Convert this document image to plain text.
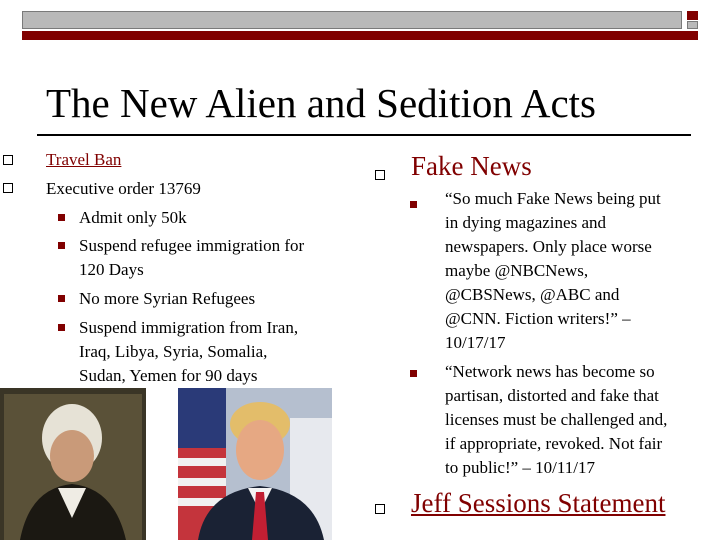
The New Alien and Sedition Acts
Travel Ban
Executive order 13769
Admit only 50k
Suspend refugee immigration for
120 Days
No more Syrian Refugees
Suspend immigration from Iran,
Iraq, Libya, Syria, Somalia,
Sudan, Yemen for 90 days
Fake News
“So much Fake News being put
in dying magazines and
newspapers. Only place worse
maybe @NBCNews,
@CBSNews, @ABC and
@CNN. Fiction writers!” –
10/17/17
“Network news has become so
partisan, distorted and fake that
licenses must be challenged and,
if appropriate, revoked. Not fair
to public!” – 10/11/17
Jeff Sessions Statement
